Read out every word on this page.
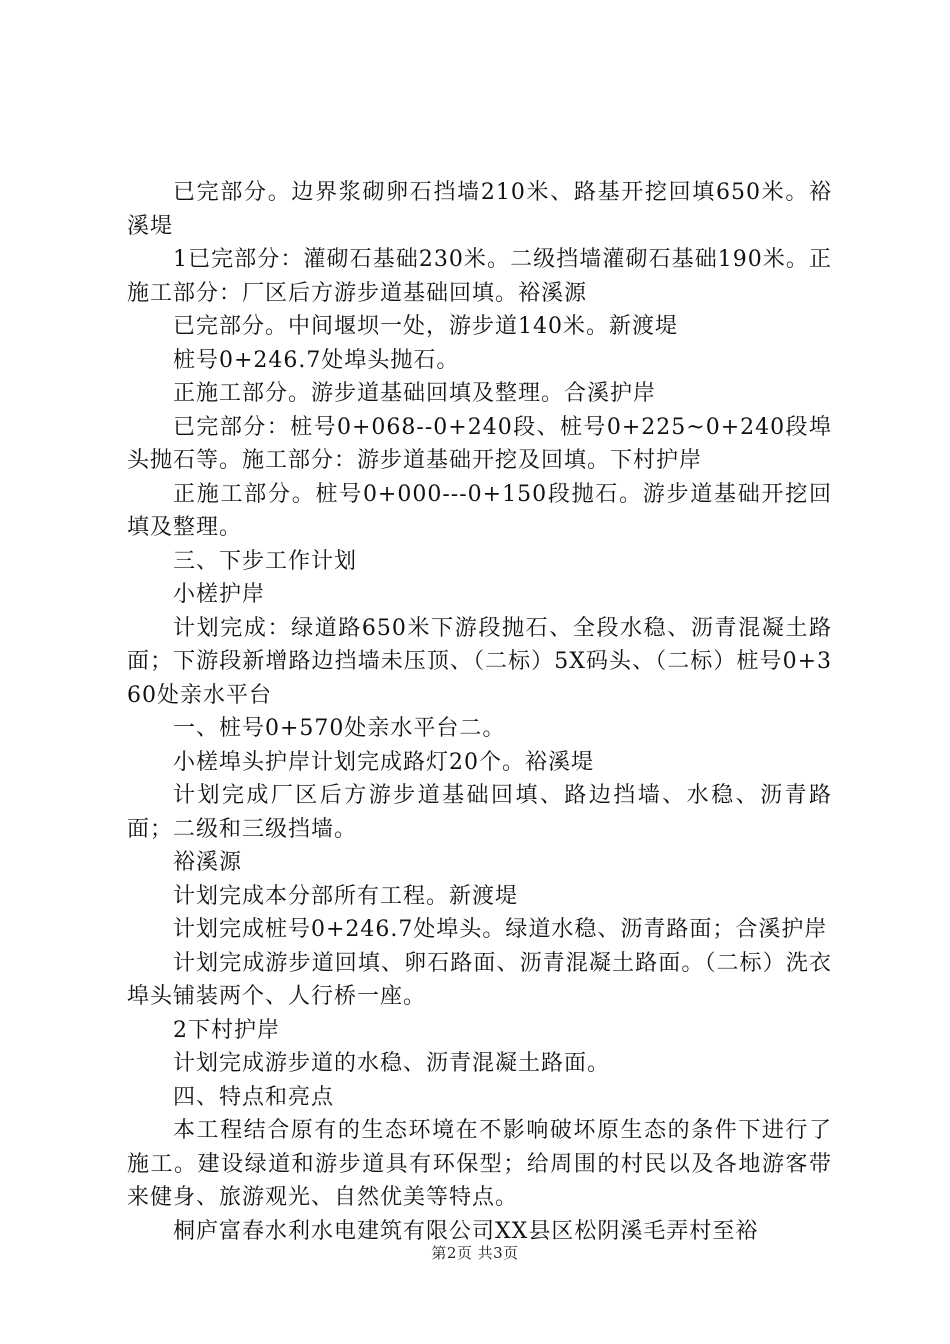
已完部分。边界浆砌卵石挡墙210米、路基开挖回填650米。裕溪堤

1已完部分：灌砌石基础230米。二级挡墙灌砌石基础190米。正施工部分：厂区后方游步道基础回填。裕溪源

已完部分。中间堰坝一处，游步道140米。新渡堤

桩号0+246.7处埠头抛石。

正施工部分。游步道基础回填及整理。合溪护岸

已完部分：桩号0+068--0+240段、桩号0+225~0+240段埠头抛石等。施工部分：游步道基础开挖及回填。下村护岸

正施工部分。桩号0+000---0+150段抛石。游步道基础开挖回填及整理。

三、下步工作计划

小槎护岸

计划完成：绿道路650米下游段抛石、全段水稳、沥青混凝土路面；下游段新增路边挡墙未压顶、（二标）5X码头、（二标）桩号0+360处亲水平台

一、桩号0+570处亲水平台二。

小槎埠头护岸计划完成路灯20个。裕溪堤

计划完成厂区后方游步道基础回填、路边挡墙、水稳、沥青路面；二级和三级挡墙。

裕溪源

计划完成本分部所有工程。新渡堤

计划完成桩号0+246.7处埠头。绿道水稳、沥青路面；合溪护岸

计划完成游步道回填、卵石路面、沥青混凝土路面。（二标）洗衣埠头铺装两个、人行桥一座。

2下村护岸

计划完成游步道的水稳、沥青混凝土路面。

四、特点和亮点

本工程结合原有的生态环境在不影响破坏原生态的条件下进行了施工。建设绿道和游步道具有环保型；给周围的村民以及各地游客带来健身、旅游观光、自然优美等特点。

桐庐富春水利水电建筑有限公司XX县区松阴溪毛弄村至裕

第2页 共3页
